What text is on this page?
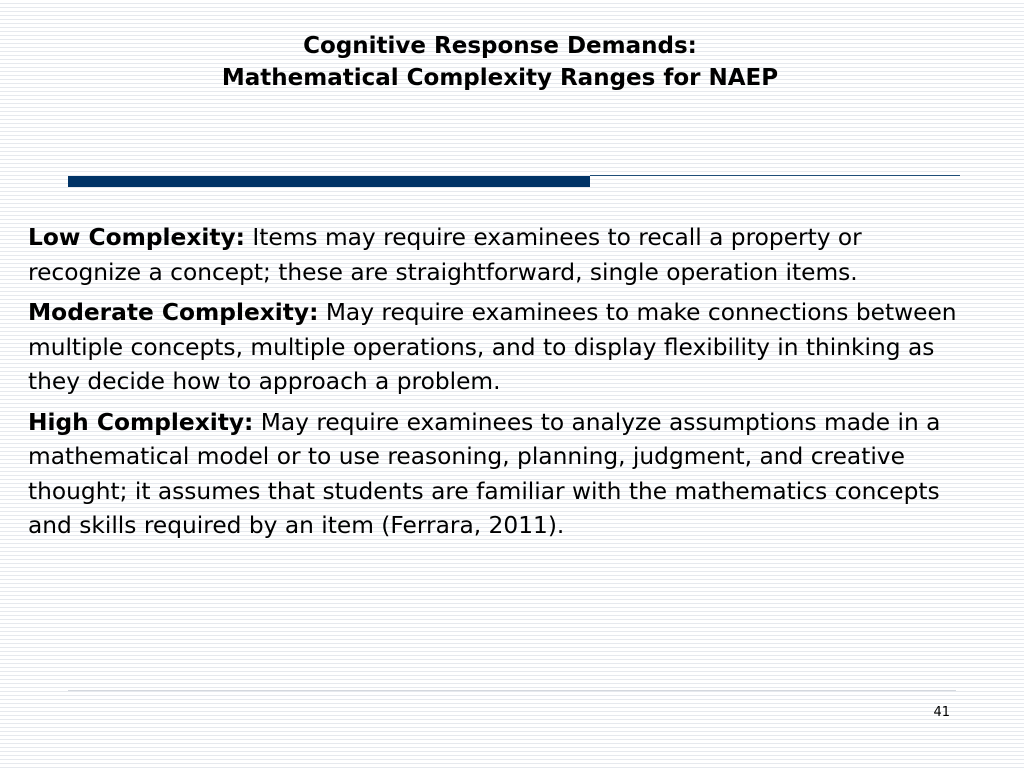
Cognitive Response Demands:
Mathematical Complexity Ranges for NAEP

Low Complexity: Items may require examinees to recall a property or recognize a concept; these are straightforward, single operation items.

Moderate Complexity: May require examinees to make connections between multiple concepts, multiple operations, and to display flexibility in thinking as they decide how to approach a problem.

High Complexity: May require examinees to analyze assumptions made in a mathematical model or to use reasoning, planning, judgment, and creative thought; it assumes that students are familiar with the mathematics concepts and skills required by an item (Ferrara, 2011).

41
